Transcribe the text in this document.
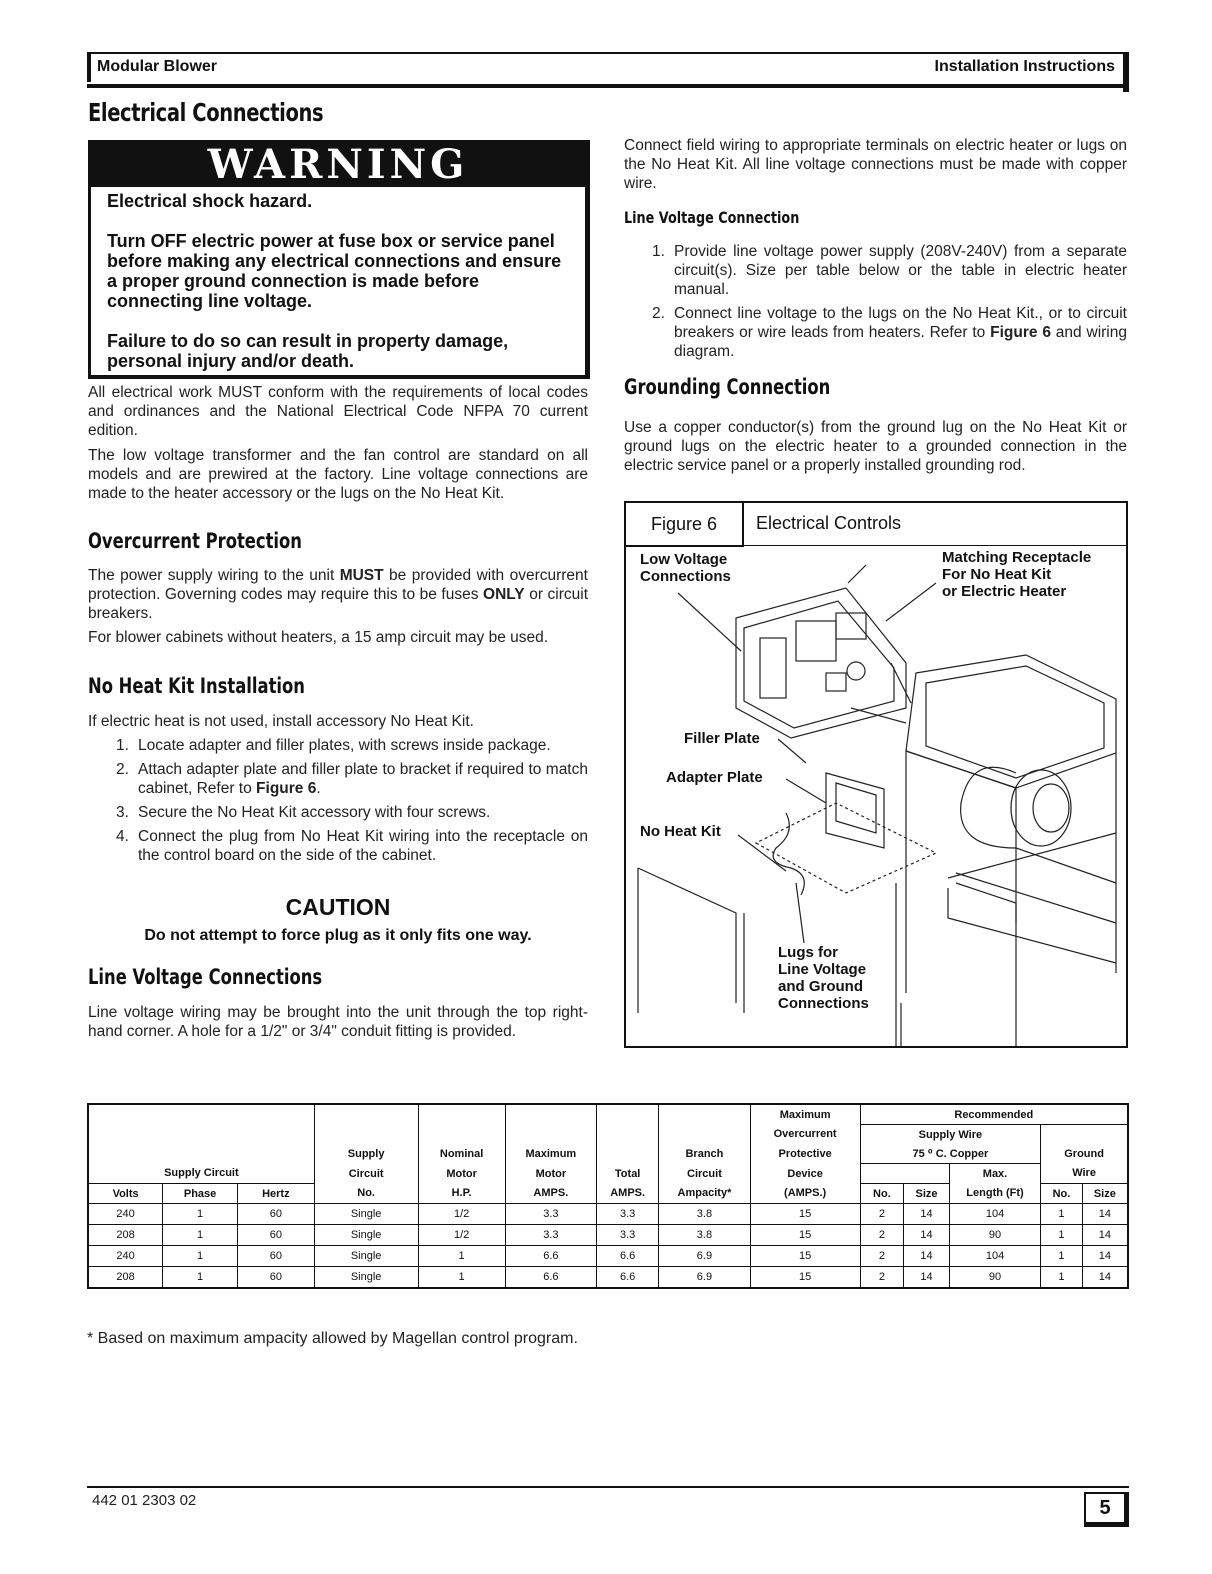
Modular Blower	Installation Instructions
Electrical Connections
WARNING
Electrical shock hazard.
Turn OFF electric power at fuse box or service panel before making any electrical connections and ensure a proper ground connection is made before connecting line voltage.
Failure to do so can result in property damage, personal injury and/or death.
All electrical work MUST conform with the requirements of local codes and ordinances and the National Electrical Code NFPA 70 current edition.
The low voltage transformer and the fan control are standard on all models and are prewired at the factory. Line voltage connections are made to the heater accessory or the lugs on the No Heat Kit.
Overcurrent Protection
The power supply wiring to the unit MUST be provided with overcurrent protection. Governing codes may require this to be fuses ONLY or circuit breakers.
For blower cabinets without heaters, a 15 amp circuit may be used.
No Heat Kit Installation
If electric heat is not used, install accessory No Heat Kit.
1. Locate adapter and filler plates, with screws inside package.
2. Attach adapter plate and filler plate to bracket if required to match cabinet, Refer to Figure 6.
3. Secure the No Heat Kit accessory with four screws.
4. Connect the plug from No Heat Kit wiring into the receptacle on the control board on the side of the cabinet.
CAUTION
Do not attempt to force plug as it only fits one way.
Line Voltage Connections
Line voltage wiring may be brought into the unit through the top right-hand corner. A hole for a 1/2" or 3/4" conduit fitting is provided.
Connect field wiring to appropriate terminals on electric heater or lugs on the No Heat Kit. All line voltage connections must be made with copper wire.
Line Voltage Connection
1. Provide line voltage power supply (208V-240V) from a separate circuit(s). Size per table below or the table in electric heater manual.
2. Connect line voltage to the lugs on the No Heat Kit., or to circuit breakers or wire leads from heaters. Refer to Figure 6 and wiring diagram.
Grounding Connection
Use a copper conductor(s) from the ground lug on the No Heat Kit or ground lugs on the electric heater to a grounded connection in the electric service panel or a properly installed grounding rod.
Figure 6	Electrical Controls
Low Voltage
Connections
Matching Receptacle
For No Heat Kit
or Electric Heater
Filler Plate
Adapter Plate
No Heat Kit
Lugs for
Line Voltage
and Ground
Connections
								Maximum	Recommended				
								Overcurrent	Supply Wire				
			Supply	Nominal	Maximum		Branch	Protective	75 ⁰ C. Copper			Ground	
Supply Circuit			Circuit	Motor	Motor	Total	Circuit	Device			Max.	Wire	
Volts	Phase	Hertz	No.	H.P.	AMPS.	AMPS.	Ampacity*	(AMPS.)	No.	Size	Length (Ft)	No.	Size
240	1	60	Single	1/2	3.3	3.3	3.8	15	2	14	104	1	14
208	1	60	Single	1/2	3.3	3.3	3.8	15	2	14	90	1	14
240	1	60	Single	1	6.6	6.6	6.9	15	2	14	104	1	14
208	1	60	Single	1	6.6	6.6	6.9	15	2	14	90	1	14
* Based on maximum ampacity allowed by Magellan control program.
442 01 2303 02	5
